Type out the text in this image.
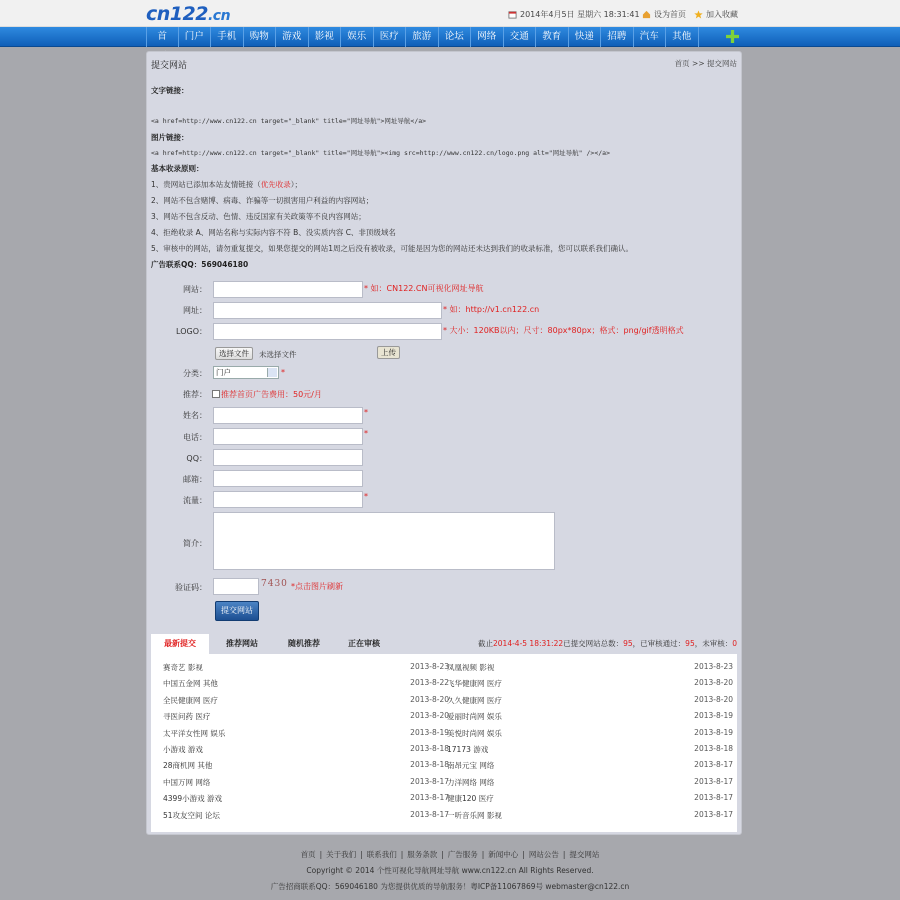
cn122.cn	2014年4月5日 星期六 18:31:41 设为首页	加入收藏
首	门户	手机	购物	游戏	影视	娱乐	医疗	旅游	论坛	网络	交通	教育	快递	招聘	汽车	其他
提交网站	首页 >> 提交网站
文字链接：
<a href=http://www.cn122.cn target="_blank" title="网址导航">网址导航</a>
图片链接：
<a href=http://www.cn122.cn target="_blank" title="网址导航"><img src=http://www.cn122.cn/logo.png alt="网址导航" /></a>
基本收录原则：
1、贵网站已添加本站友情链接（优先收录）；
2、网站不包含赌博、病毒、诈骗等一切损害用户利益的内容网站；
3、网站不包含反动、色情、违反国家有关政策等不良内容网站；
4、拒绝收录 A、网站名称与实际内容不符 B、没实质内容 C、非顶级域名
5、审核中的网站，请勿重复提交，如果您提交的网站1周之后没有被收录，可能是因为您的网站还未达到我们的收录标准，您可以联系我们确认。
广告联系QQ：569046180
网站：	* 如：CN122.CN可视化网址导航
网址：	* 如：http://v1.cn122.cn
LOGO：	* 大小：120KB以内；尺寸：80px*80px；格式：png/gif透明格式
选择文件	未选择文件	上传
分类：	门户	*
推荐： 推荐首页广告费用：50元/月
姓名：	*
电话：	*
QQ：
邮箱：
流量：	*
简介：
验证码：	7430 *点击图片刷新
提交网站
最新提交	推荐网站	随机推荐	正在审核	截止2014-4-5 18:31:22已提交网站总数：95，已审核通过：95，未审核：0
赛奇艺 影视	2013-8-23
中国五金网 其他	2013-8-22
全民健康网 医疗	2013-8-20
寻医问药 医疗	2013-8-20
太平洋女性网 娱乐	2013-8-19
小游戏 游戏	2013-8-18
28商机网 其他	2013-8-18
中国万网 网络	2013-8-17
4399小游戏 游戏	2013-8-17
51攻友空间 论坛	2013-8-17
凤凰视频 影视	2013-8-23
飞华健康网 医疗	2013-8-20
久久健康网 医疗	2013-8-20
爱丽时尚网 娱乐	2013-8-19
美悦时尚网 娱乐	2013-8-19
17173 游戏	2013-8-18
南昂元宝 网络	2013-8-17
力洋网络 网络	2013-8-17
健康120 医疗	2013-8-17
一听音乐网 影视	2013-8-17
首页 | 关于我们 | 联系我们 | 服务条款 | 广告服务 | 新闻中心 | 网站公告 | 提交网站
Copyright © 2014 个性可视化导航网址导航 www.cn122.cn All Rights Reserved.
广告招商联系QQ：569046180 为您提供优质的导航服务！粤ICP备11067869号 webmaster@cn122.cn
